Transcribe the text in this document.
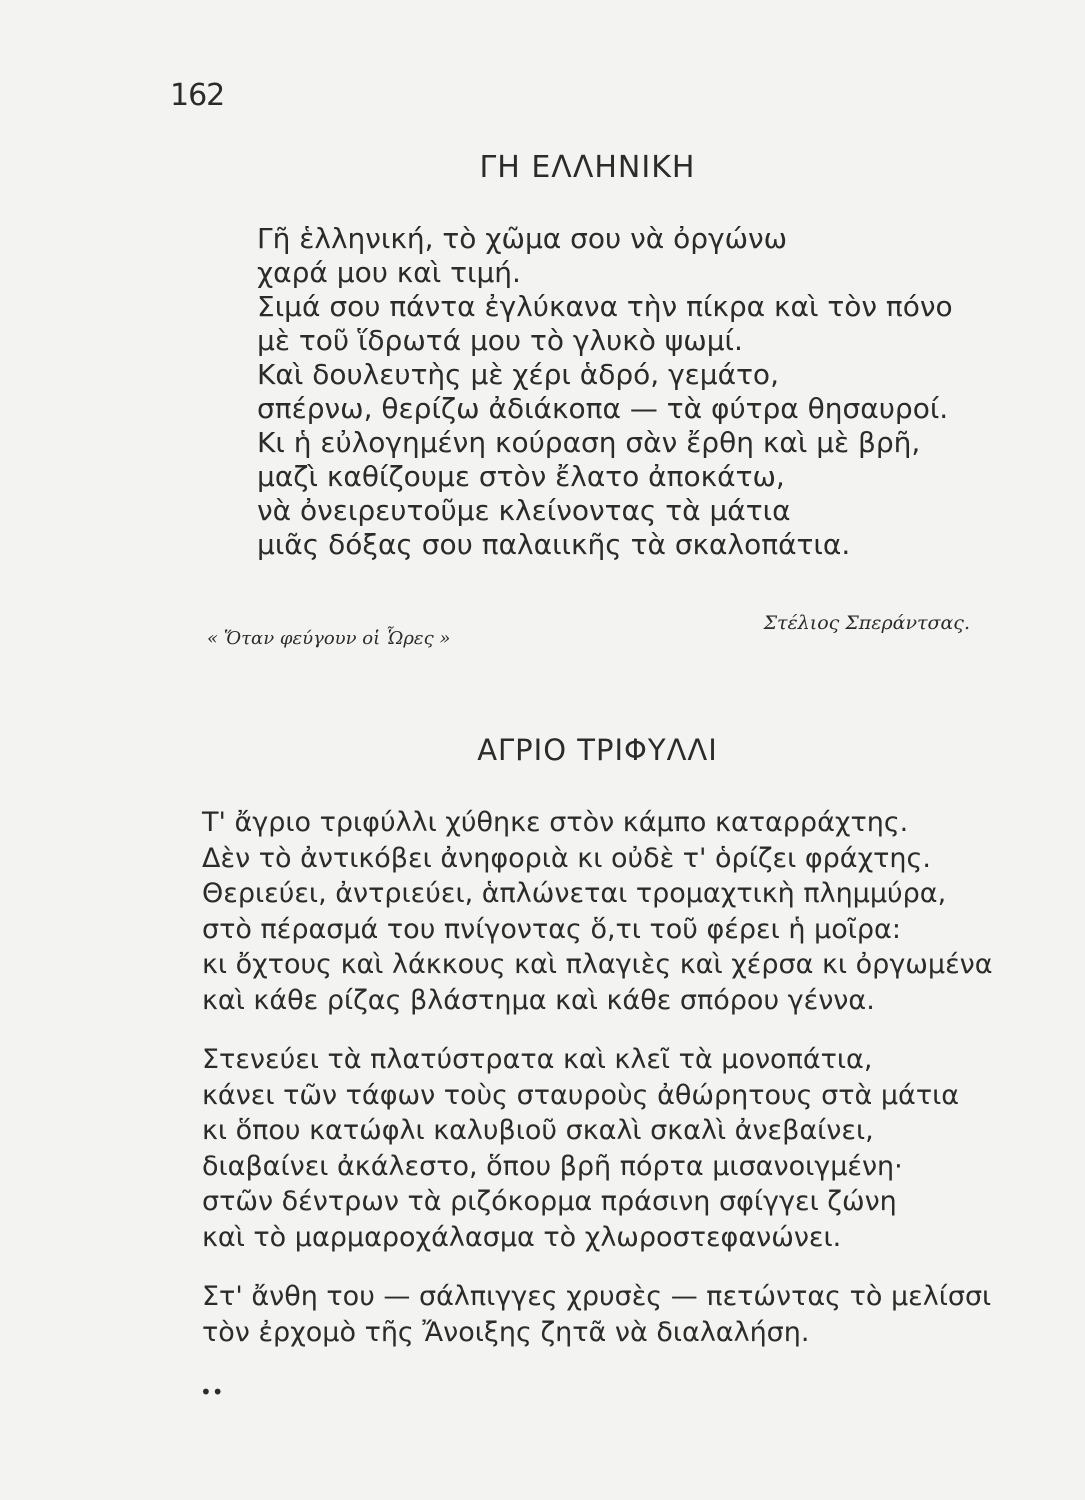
162
ΓΗ ΕΛΛΗΝΙΚΗ
Γῆ ἑλληνική, τὸ χῶμα σου νὰ ὀργώνω
χαρά μου καὶ τιμή.
Σιμά σου πάντα ἐγλύκανα τὴν πίκρα καὶ τὸν πόνο
μὲ τοῦ ἵδρωτά μου τὸ γλυκὸ ψωμί.
Καὶ δουλευτὴς μὲ χέρι ἁδρό, γεμάτο,
σπέρνω, θερίζω ἀδιάκοπα — τὰ φύτρα θησαυροί.
Κι ἡ εὐλογημένη κούραση σὰν ἔρθη καὶ μὲ βρῆ,
μαζὶ καθίζουμε στὸν ἔλατο ἀποκάτω,
νὰ ὀνειρευτοῦμε κλείνοντας τὰ μάτια
μιᾶς δόξας σου παλαιικῆς τὰ σκαλοπάτια.
Στέλιος Σπεράντσας.
« Ὅταν φεύγουν οἱ Ὧρες »
ΑΓΡΙΟ ΤΡΙΦΥΛΛΙ
Τ' ἄγριο τριφύλλι χύθηκε στὸν κάμπο καταρράχτης.
Δὲν τὸ ἀντικόβει ἀνηφοριὰ κι οὐδὲ τ' ὁρίζει φράχτης.
Θεριεύει, ἀντριεύει, ἁπλώνεται τρομαχτικὴ πλημμύρα,
στὸ πέρασμά του πνίγοντας ὅ,τι τοῦ φέρει ἡ μοῖρα:
κι ὄχτους καὶ λάκκους καὶ πλαγιὲς καὶ χέρσα κι ὀργωμένα
καὶ κάθε ρίζας βλάστημα καὶ κάθε σπόρου γέννα.
Στενεύει τὰ πλατύστρατα καὶ κλεῖ τὰ μονοπάτια,
κάνει τῶν τάφων τοὺς σταυροὺς ἀθώρητους στὰ μάτια
κι ὅπου κατώφλι καλυβιοῦ σκαλὶ σκαλὶ ἀνεβαίνει,
διαβαίνει ἀκάλεστο, ὅπου βρῆ πόρτα μισανοιγμένη·
στῶν δέντρων τὰ ριζόκορμα πράσινη σφίγγει ζώνη
καὶ τὸ μαρμαροχάλασμα τὸ χλωροστεφανώνει.
Στ' ἄνθη του — σάλπιγγες χρυσὲς — πετώντας τὸ μελίσσι
τὸν ἐρχομὸ τῆς Ἄνοιξης ζητᾶ νὰ διαλαλήση.
••
